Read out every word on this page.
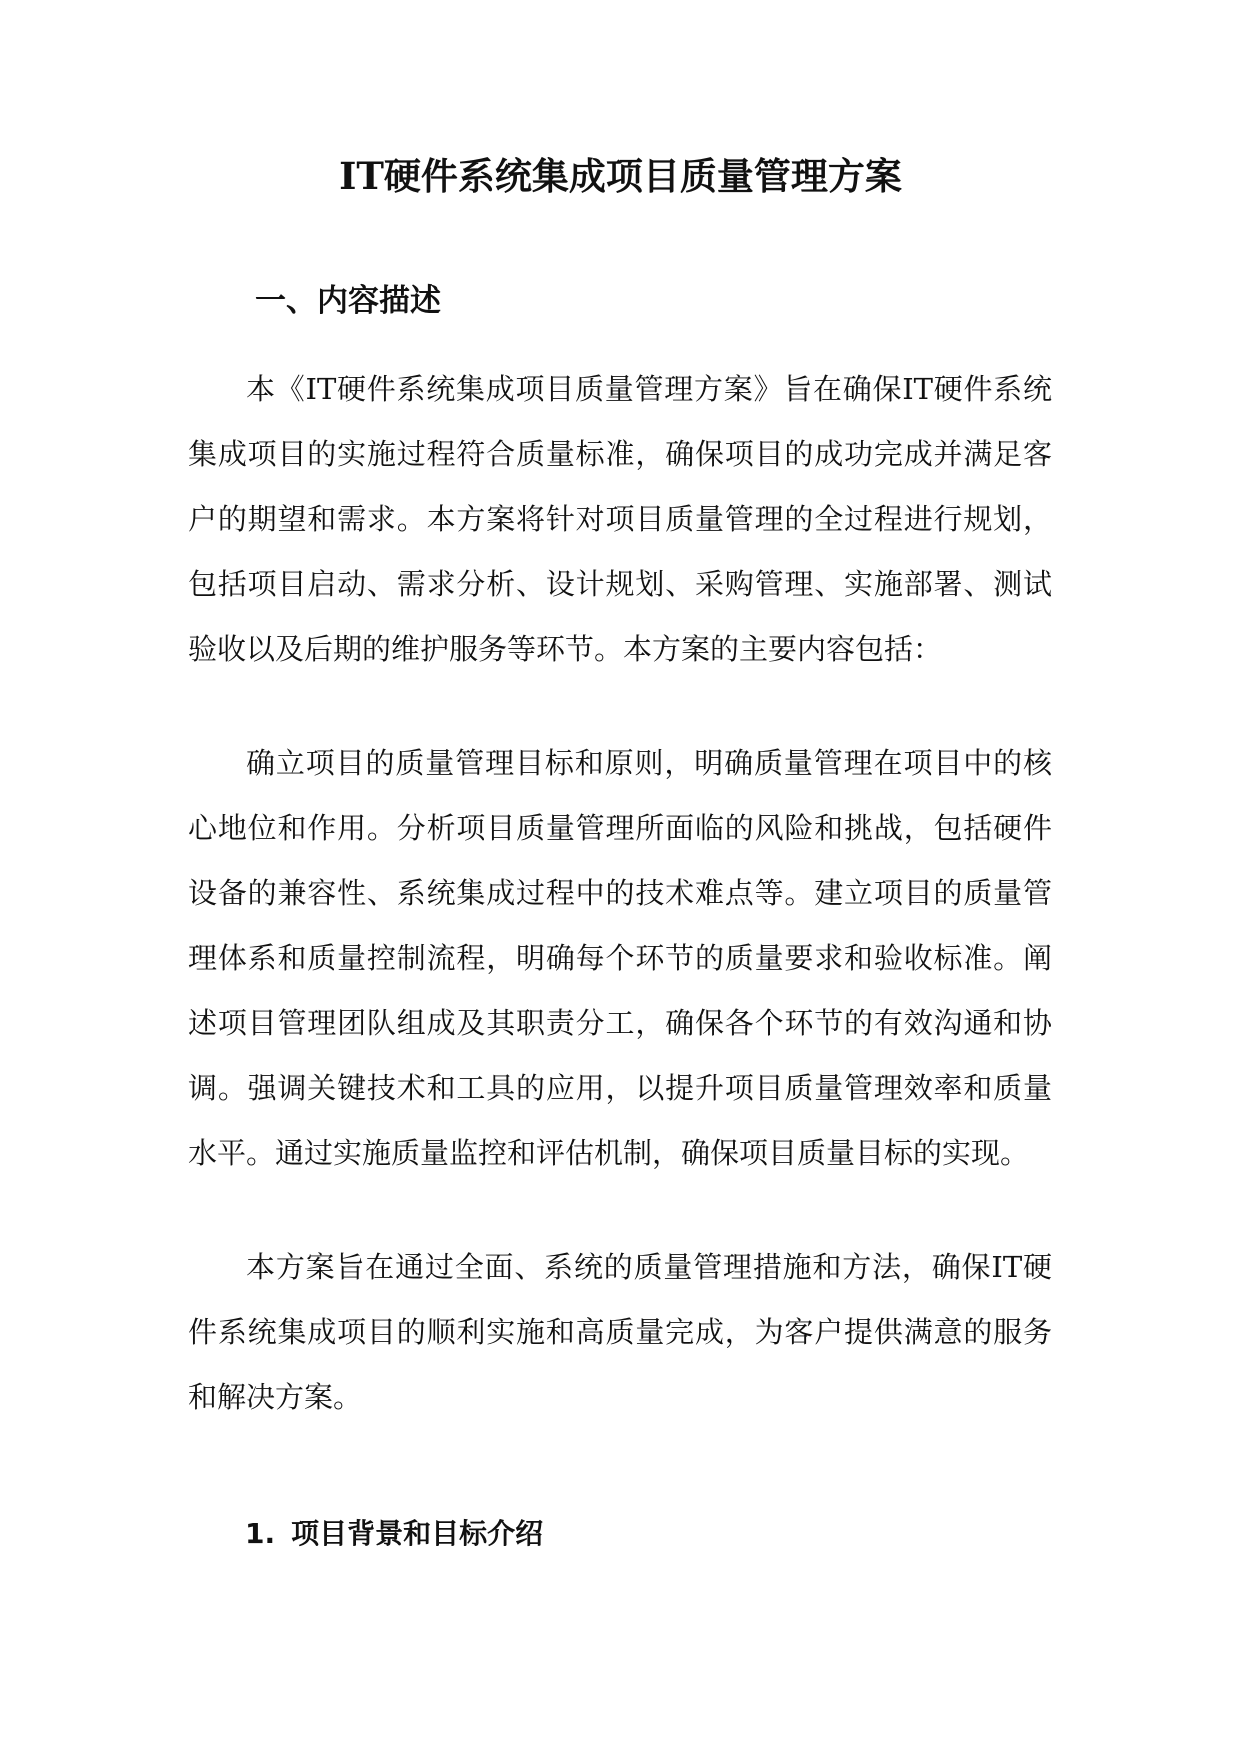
IT硬件系统集成项目质量管理方案
一、内容描述

本《IT硬件系统集成项目质量管理方案》旨在确保IT硬件系统集成项目的实施过程符合质量标准，确保项目的成功完成并满足客户的期望和需求。本方案将针对项目质量管理的全过程进行规划，包括项目启动、需求分析、设计规划、采购管理、实施部署、测试验收以及后期的维护服务等环节。本方案的主要内容包括：

确立项目的质量管理目标和原则，明确质量管理在项目中的核心地位和作用。分析项目质量管理所面临的风险和挑战，包括硬件设备的兼容性、系统集成过程中的技术难点等。建立项目的质量管理体系和质量控制流程，明确每个环节的质量要求和验收标准。阐述项目管理团队组成及其职责分工，确保各个环节的有效沟通和协调。强调关键技术和工具的应用，以提升项目质量管理效率和质量水平。通过实施质量监控和评估机制，确保项目质量目标的实现。

本方案旨在通过全面、系统的质量管理措施和方法，确保IT硬件系统集成项目的顺利实施和高质量完成，为客户提供满意的服务和解决方案。

1. 项目背景和目标介绍
